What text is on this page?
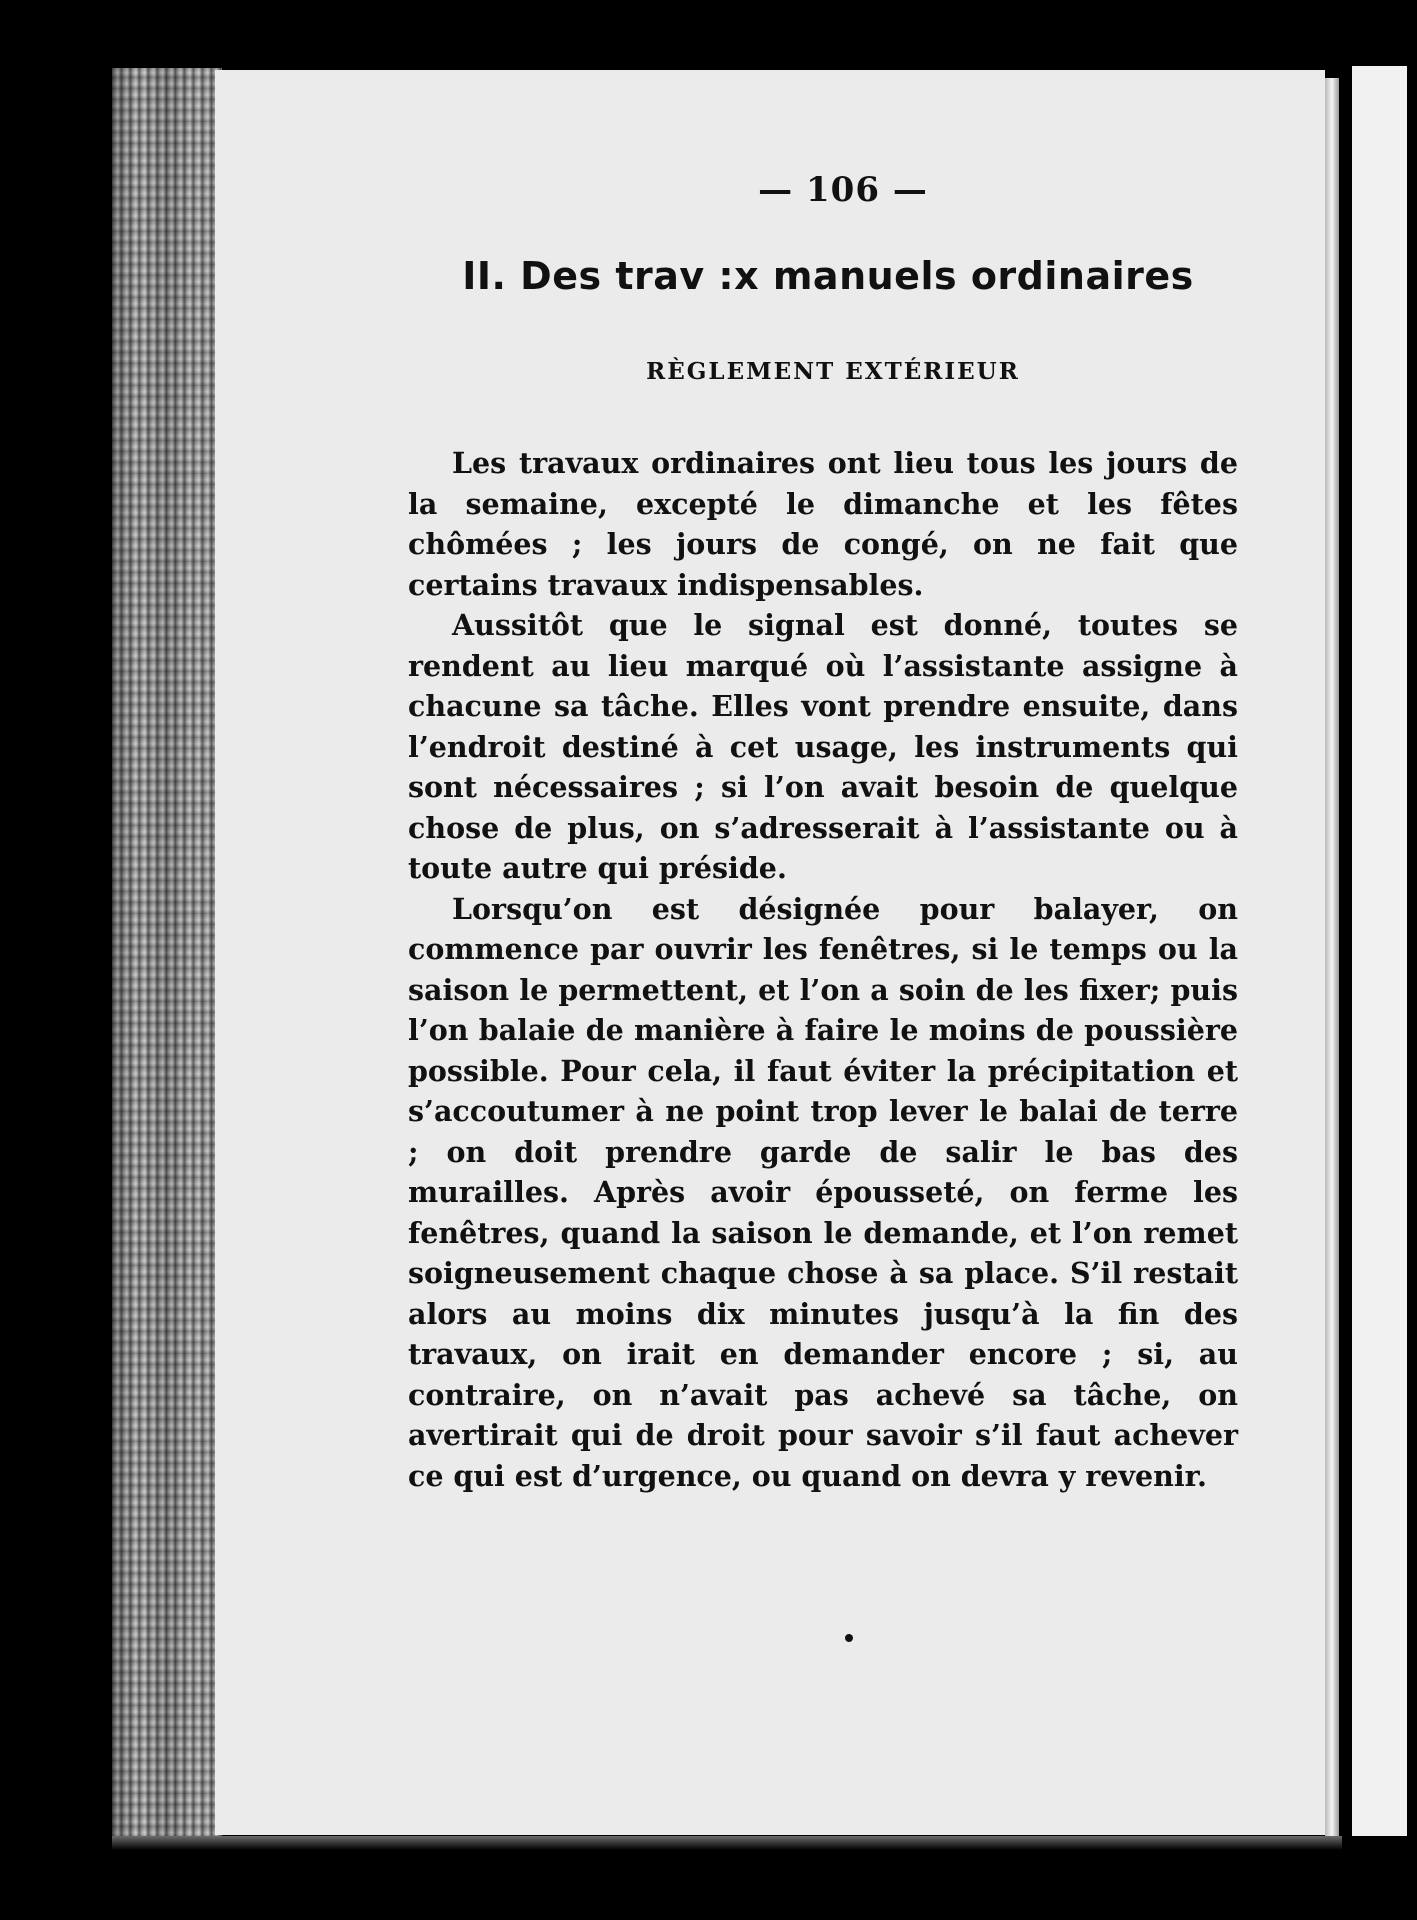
— 106 —
II. Des trav :x manuels ordinaires
RÈGLEMENT EXTÉRIEUR

Les travaux ordinaires ont lieu tous les jours de la semaine, excepté le dimanche et les fêtes chômées ; les jours de congé, on ne fait que certains travaux indispensables.

Aussitôt que le signal est donné, toutes se rendent au lieu marqué où l’assistante assigne à chacune sa tâche. Elles vont prendre ensuite, dans l’endroit destiné à cet usage, les instruments qui sont nécessaires ; si l’on avait besoin de quelque chose de plus, on s’adresserait à l’assistante ou à toute autre qui préside.

Lorsqu’on est désignée pour balayer, on commence par ouvrir les fenêtres, si le temps ou la saison le permettent, et l’on a soin de les fixer; puis l’on balaie de manière à faire le moins de poussière possible. Pour cela, il faut éviter la précipitation et s’accoutumer à ne point trop lever le balai de terre ; on doit prendre garde de salir le bas des murailles. Après avoir épousseté, on ferme les fenêtres, quand la saison le demande, et l’on remet soigneusement chaque chose à sa place. S’il restait alors au moins dix minutes jusqu’à la fin des travaux, on irait en demander encore ; si, au contraire, on n’avait pas achevé sa tâche, on avertirait qui de droit pour savoir s’il faut achever ce qui est d’urgence, ou quand on devra y revenir.
